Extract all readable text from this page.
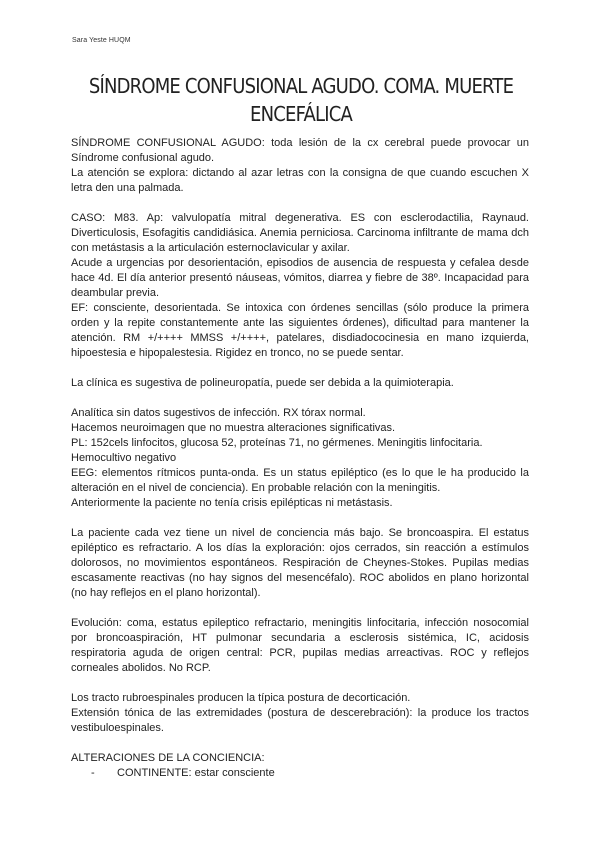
Sara Yeste HUQM
SÍNDROME CONFUSIONAL AGUDO. COMA. MUERTE
ENCEFÁLICA

SÍNDROME CONFUSIONAL AGUDO: toda lesión de la cx cerebral puede provocar un Síndrome confusional agudo.

La atención se explora: dictando al azar letras con la consigna de que cuando escuchen X letra den una palmada.

CASO: M83. Ap: valvulopatía mitral degenerativa. ES con esclerodactilia, Raynaud. Diverticulosis, Esofagitis candidiásica. Anemia perniciosa. Carcinoma infiltrante de mama dch con metástasis a la articulación esternoclavicular y axilar.

Acude a urgencias por desorientación, episodios de ausencia de respuesta y cefalea desde hace 4d. El día anterior presentó náuseas, vómitos, diarrea y fiebre de 38º. Incapacidad para deambular previa.

EF: consciente, desorientada. Se intoxica con órdenes sencillas (sólo produce la primera orden y la repite constantemente ante las siguientes órdenes), dificultad para mantener la atención. RM +/++++ MMSS +/++++, patelares, disdiadococinesia en mano izquierda, hipoestesia e hipopalestesia. Rigidez en tronco, no se puede sentar.

La clínica es sugestiva de polineuropatía, puede ser debida a la quimioterapia.

Analítica sin datos sugestivos de infección. RX tórax normal.

Hacemos neuroimagen que no muestra alteraciones significativas.

PL: 152cels linfocitos, glucosa 52, proteínas 71, no gérmenes. Meningitis linfocitaria.

Hemocultivo negativo

EEG: elementos rítmicos punta-onda. Es un status epiléptico (es lo que le ha producido la alteración en el nivel de conciencia). En probable relación con la meningitis.

Anteriormente la paciente no tenía crisis epilépticas ni metástasis.

La paciente cada vez tiene un nivel de conciencia más bajo. Se broncoaspira. El estatus epiléptico es refractario. A los días la exploración: ojos cerrados, sin reacción a estímulos dolorosos, no movimientos espontáneos. Respiración de Cheynes-Stokes. Pupilas medias escasamente reactivas (no hay signos del mesencéfalo). ROC abolidos en plano horizontal (no hay reflejos en el plano horizontal).

Evolución: coma, estatus epileptico refractario, meningitis linfocitaria, infección nosocomial por broncoaspiración, HT pulmonar secundaria a esclerosis sistémica, IC, acidosis respiratoria aguda de origen central: PCR, pupilas medias arreactivas. ROC y reflejos corneales abolidos. No RCP.

Los tracto rubroespinales producen la típica postura de decorticación.

Extensión tónica de las extremidades (postura de descerebración): la produce los tractos vestibuloespinales.

ALTERACIONES DE LA CONCIENCIA:

- CONTINENTE: estar consciente
